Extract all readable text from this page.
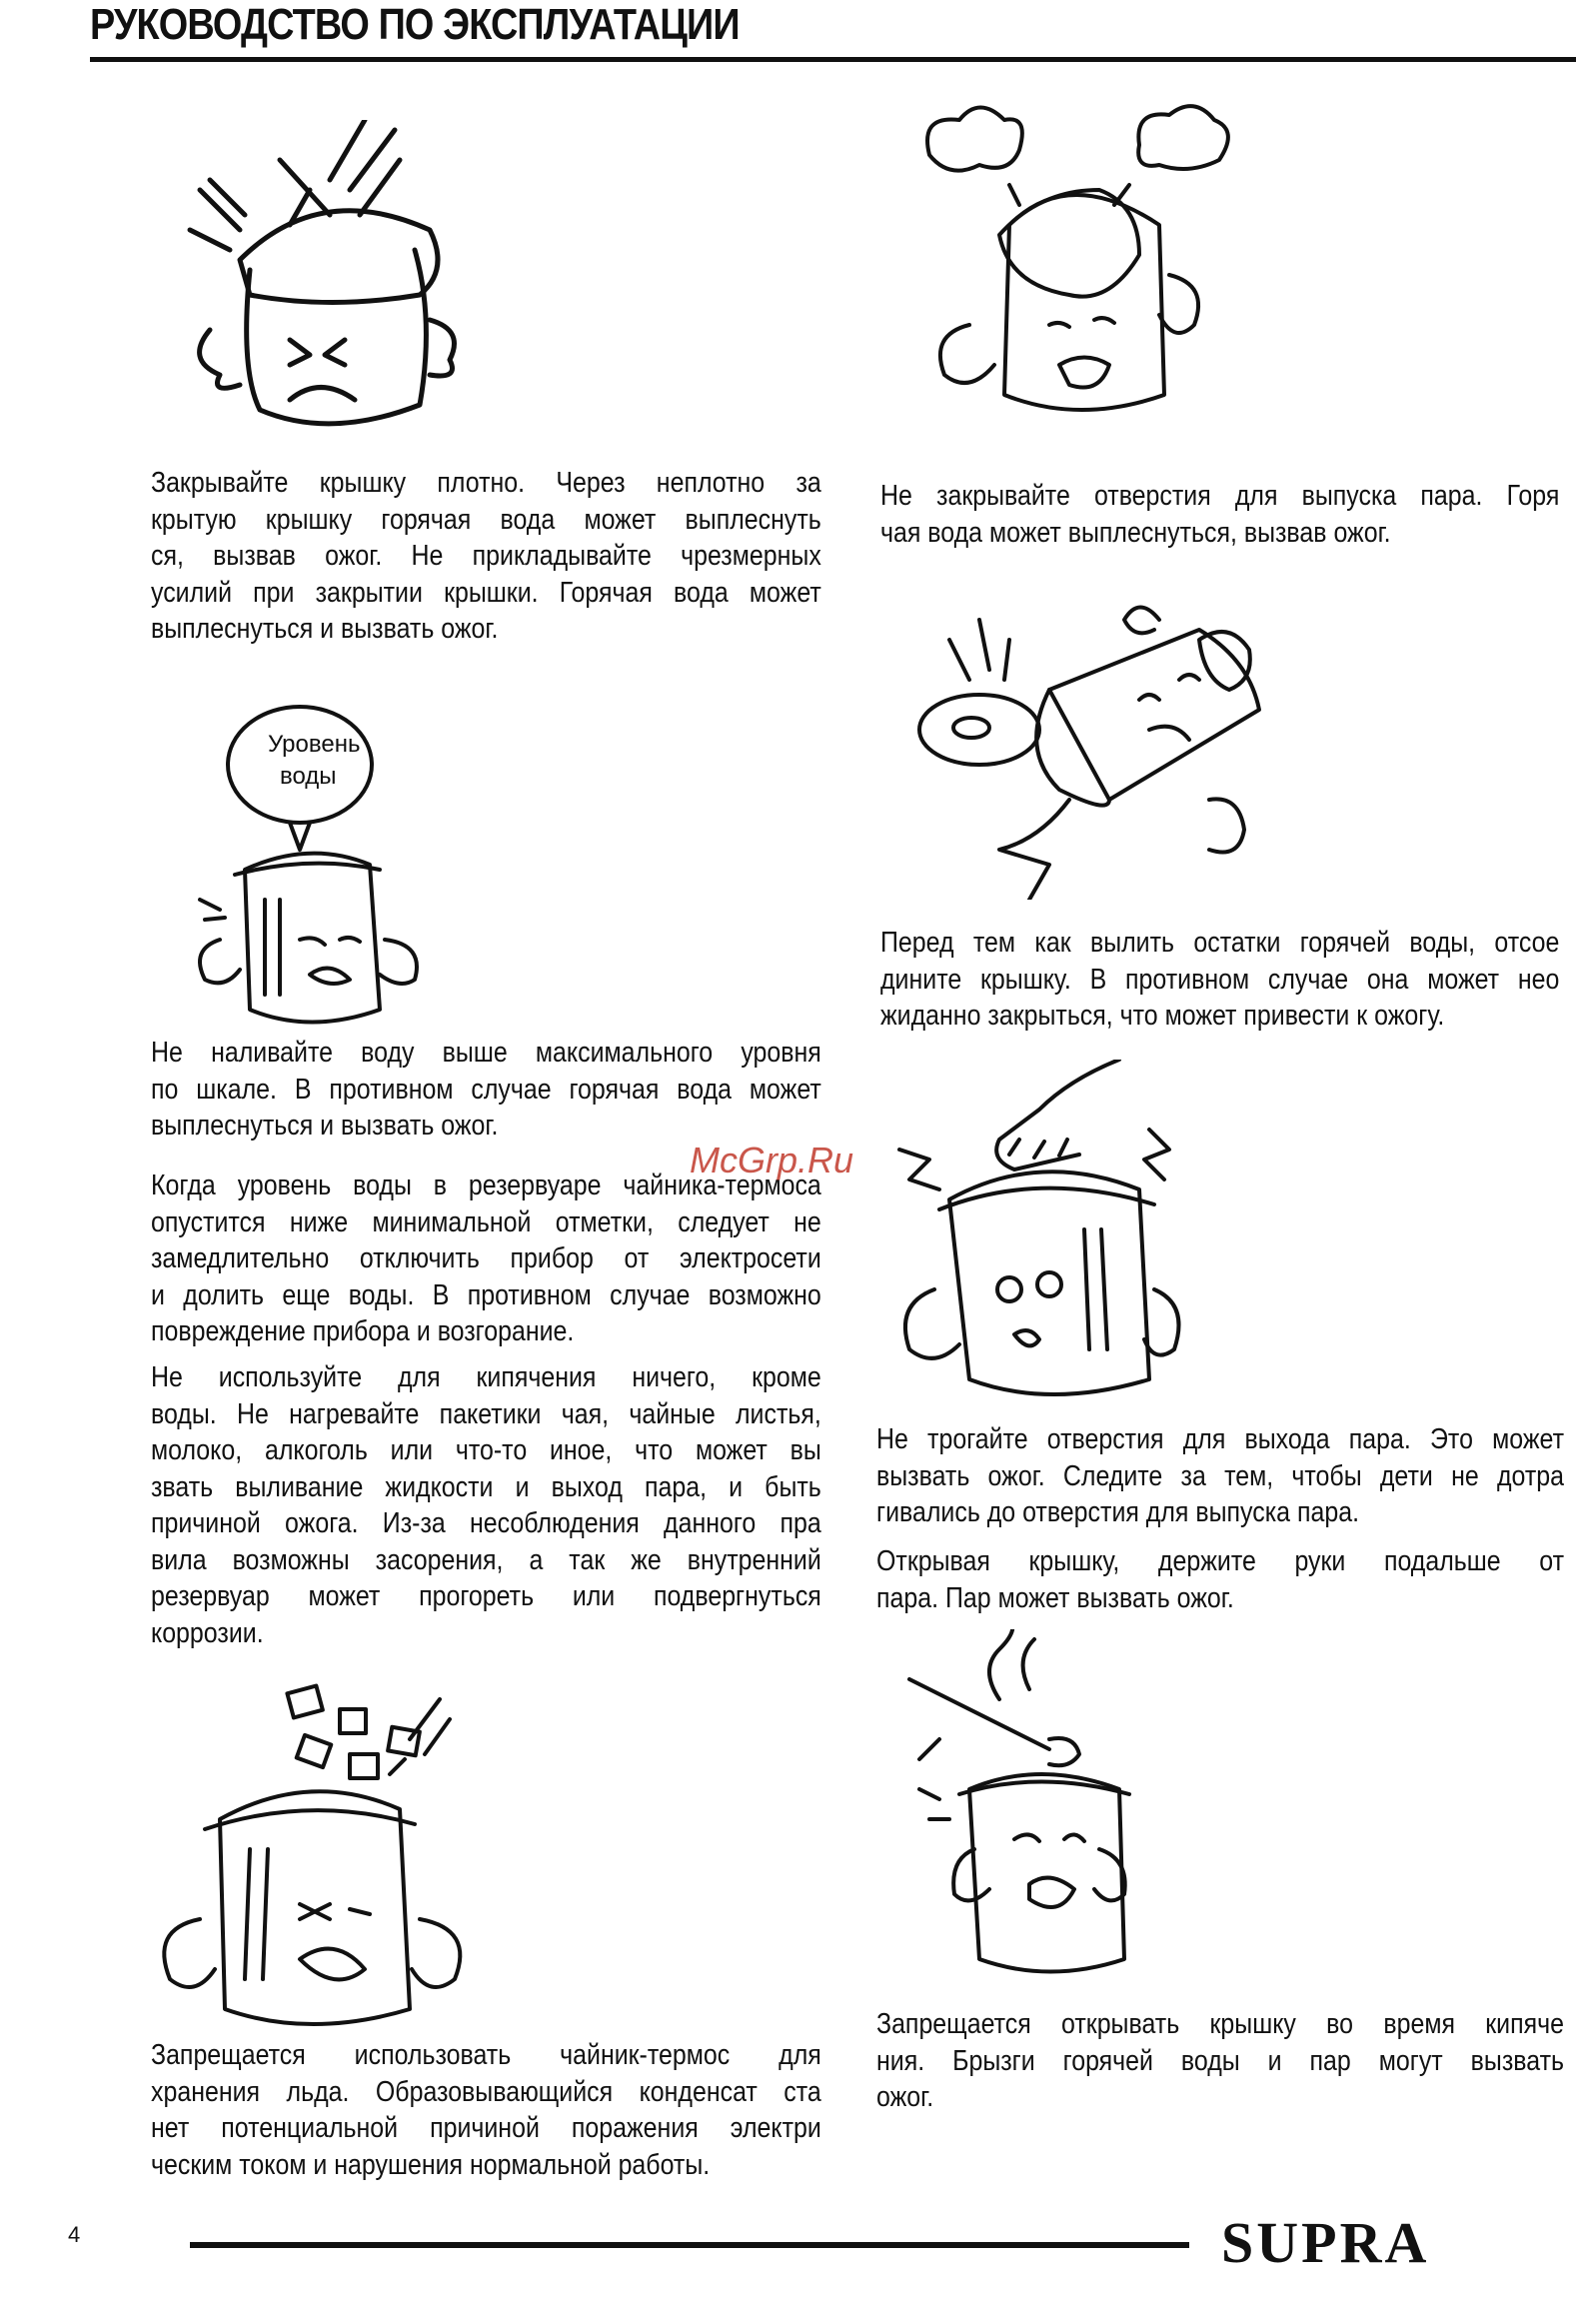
РУКОВОДСТВО ПО ЭКСПЛУАТАЦИИ
Уровень
воды
Закрывайте крышку плотно. Через неплотно за
крытую крышку горячая вода может выплеснуть
ся, вызвав ожог. Не прикладывайте чрезмерных
усилий при закрытии крышки. Горячая вода может
выплеснуться и вызвать ожог.
Не наливайте воду выше максимального уровня
по шкале. В противном случае горячая вода может
выплеснуться и вызвать ожог.
Когда уровень воды в резервуаре чайника-термоса
опустится ниже минимальной отметки, следует не
замедлительно отключить прибор от электросети
и долить еще воды. В противном случае возможно
повреждение прибора и возгорание.
Не используйте для кипячения ничего, кроме
воды. Не нагревайте пакетики чая, чайные листья,
молоко, алкоголь или что-то иное, что может вы
звать выливание жидкости и выход пара, и быть
причиной ожога. Из-за несоблюдения данного пра
вила возможны засорения, а так же внутренний
резервуар может прогореть или подвергнуться
коррозии.
Запрещается использовать чайник-термос для
хранения льда. Образовывающийся конденсат ста
нет потенциальной причиной поражения электри
ческим током и нарушения нормальной работы.
Не закрывайте отверстия для выпуска пара. Горя
чая вода может выплеснуться, вызвав ожог.
Перед тем как вылить остатки горячей воды, отсое
дините крышку. В противном случае она может нео
жиданно закрыться, что может привести к ожогу.
Не трогайте отверстия для выхода пара. Это может
вызвать ожог. Следите за тем, чтобы дети не дотра
гивались до отверстия для выпуска пара.
Открывая крышку, держите руки подальше от
пара. Пар может вызвать ожог.
Запрещается открывать крышку во время кипяче
ния. Брызги горячей воды и пар могут вызвать
ожог.
McGrp.Ru
4	SUPRA
